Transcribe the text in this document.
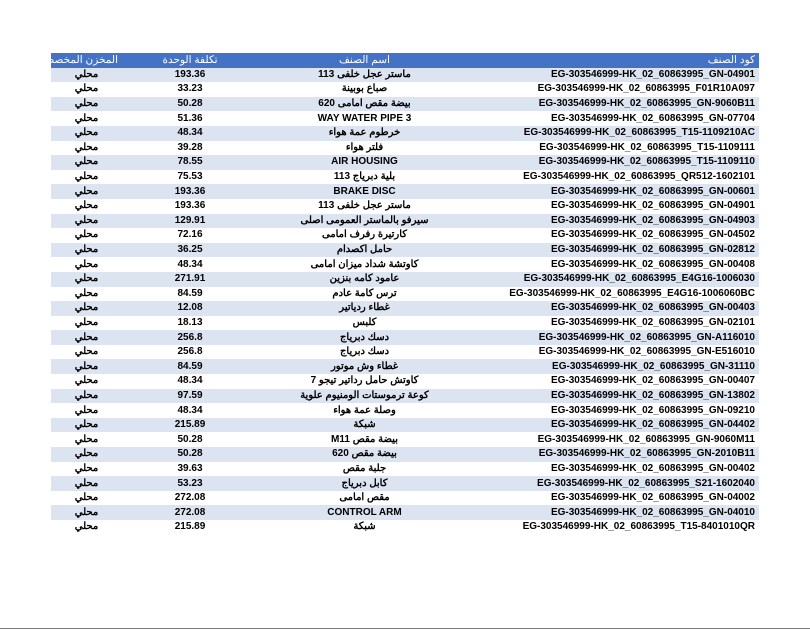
كود الصنف	اسم الصنف	تكلفة الوحدة	المخزن المخصص
EG-303546999-HK_02_60863995_GN-04901	ماستر عجل خلفى 113	193.36	محلي
EG-303546999-HK_02_60863995_F01R10A097	صباع بوبينة	33.23	محلي
EG-303546999-HK_02_60863995_GN-9060B11	بيضة مقص امامى 620	50.28	محلي
EG-303546999-HK_02_60863995_GN-07704	3 WAY WATER PIPE	51.36	محلي
EG-303546999-HK_02_60863995_T15-1109210AC	خرطوم عمة هواء	48.34	محلي
EG-303546999-HK_02_60863995_T15-1109111	فلتر هواء	39.28	محلي
EG-303546999-HK_02_60863995_T15-1109110	AIR HOUSING	78.55	محلي
EG-303546999-HK_02_60863995_QR512-1602101	بلية دبرياج 113	75.53	محلي
EG-303546999-HK_02_60863995_GN-00601	BRAKE DISC	193.36	محلي
EG-303546999-HK_02_60863995_GN-04901	ماستر عجل خلفى 113	193.36	محلي
EG-303546999-HK_02_60863995_GN-04903	سيرفو بالماستر العمومى اصلى	129.91	محلي
EG-303546999-HK_02_60863995_GN-04502	كارتيرة رفرف امامى	72.16	محلي
EG-303546999-HK_02_60863995_GN-02812	حامل اكصدام	36.25	محلي
EG-303546999-HK_02_60863995_GN-00408	كاوتشة شداد ميزان امامى	48.34	محلي
EG-303546999-HK_02_60863995_E4G16-1006030	عامود كامه بنزين	271.91	محلي
EG-303546999-HK_02_60863995_E4G16-1006060BC	ترس كامة عادم	84.59	محلي
EG-303546999-HK_02_60863995_GN-00403	غطاء ردياتير	12.08	محلي
EG-303546999-HK_02_60863995_GN-02101	كلبس	18.13	محلي
EG-303546999-HK_02_60863995_GN-A116010	دسك دبرياج	256.8	محلي
EG-303546999-HK_02_60863995_GN-E516010	دسك دبرياج	256.8	محلي
EG-303546999-HK_02_60863995_GN-31110	غطاء وش موتور	84.59	محلي
EG-303546999-HK_02_60863995_GN-00407	كاوتش حامل رداتير تيجو 7	48.34	محلي
EG-303546999-HK_02_60863995_GN-13802	كوعة ترموستات الومنيوم علوية	97.59	محلي
EG-303546999-HK_02_60863995_GN-09210	وصلة عمة هواء	48.34	محلي
EG-303546999-HK_02_60863995_GN-04402	شبكة	215.89	محلي
EG-303546999-HK_02_60863995_GN-9060M11	بيضة مقص M11	50.28	محلي
EG-303546999-HK_02_60863995_GN-2010B11	بيضة مقص 620	50.28	محلي
EG-303546999-HK_02_60863995_GN-00402	جلبة مقص	39.63	محلي
EG-303546999-HK_02_60863995_S21-1602040	كابل دبرياج	53.23	محلي
EG-303546999-HK_02_60863995_GN-04002	مقص امامى	272.08	محلي
EG-303546999-HK_02_60863995_GN-04010	CONTROL ARM	272.08	محلي
EG-303546999-HK_02_60863995_T15-8401010QR	شبكة	215.89	محلي
